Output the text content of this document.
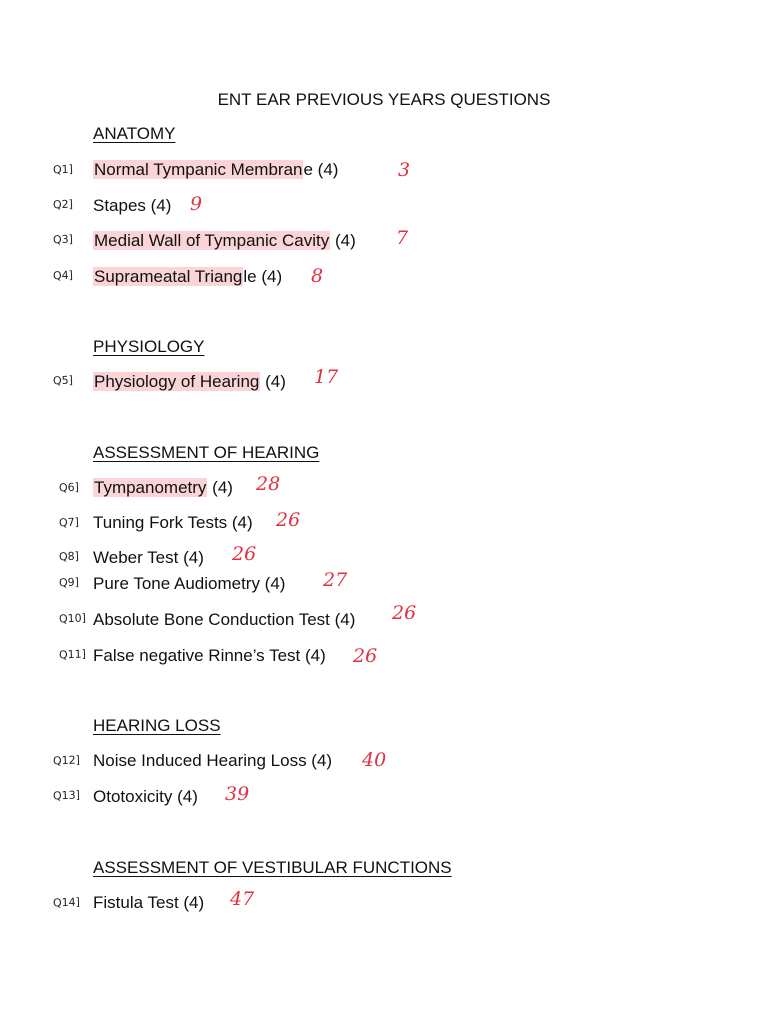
ENT EAR PREVIOUS YEARS QUESTIONS
ANATOMY
Q1] Normal Tympanic Membrane (4)	3
Q2] Stapes (4) 9
Q3] Medial Wall of Tympanic Cavity (4) 7
Q4] Suprameatal Triangle (4) 8
PHYSIOLOGY
Q5] Physiology of Hearing (4) 17
ASSESSMENT OF HEARING
Q6] Tympanometry (4) 28
Q7] Tuning Fork Tests (4) 26
Q8] Weber Test (4) 26
Q9] Pure Tone Audiometry (4) 27
Q10] Absolute Bone Conduction Test (4) 26
Q11] False negative Rinne’s Test (4) 26
HEARING LOSS
Q12] Noise Induced Hearing Loss (4) 40
Q13] Ototoxicity (4) 39
ASSESSMENT OF VESTIBULAR FUNCTIONS
Q14] Fistula Test (4) 47
